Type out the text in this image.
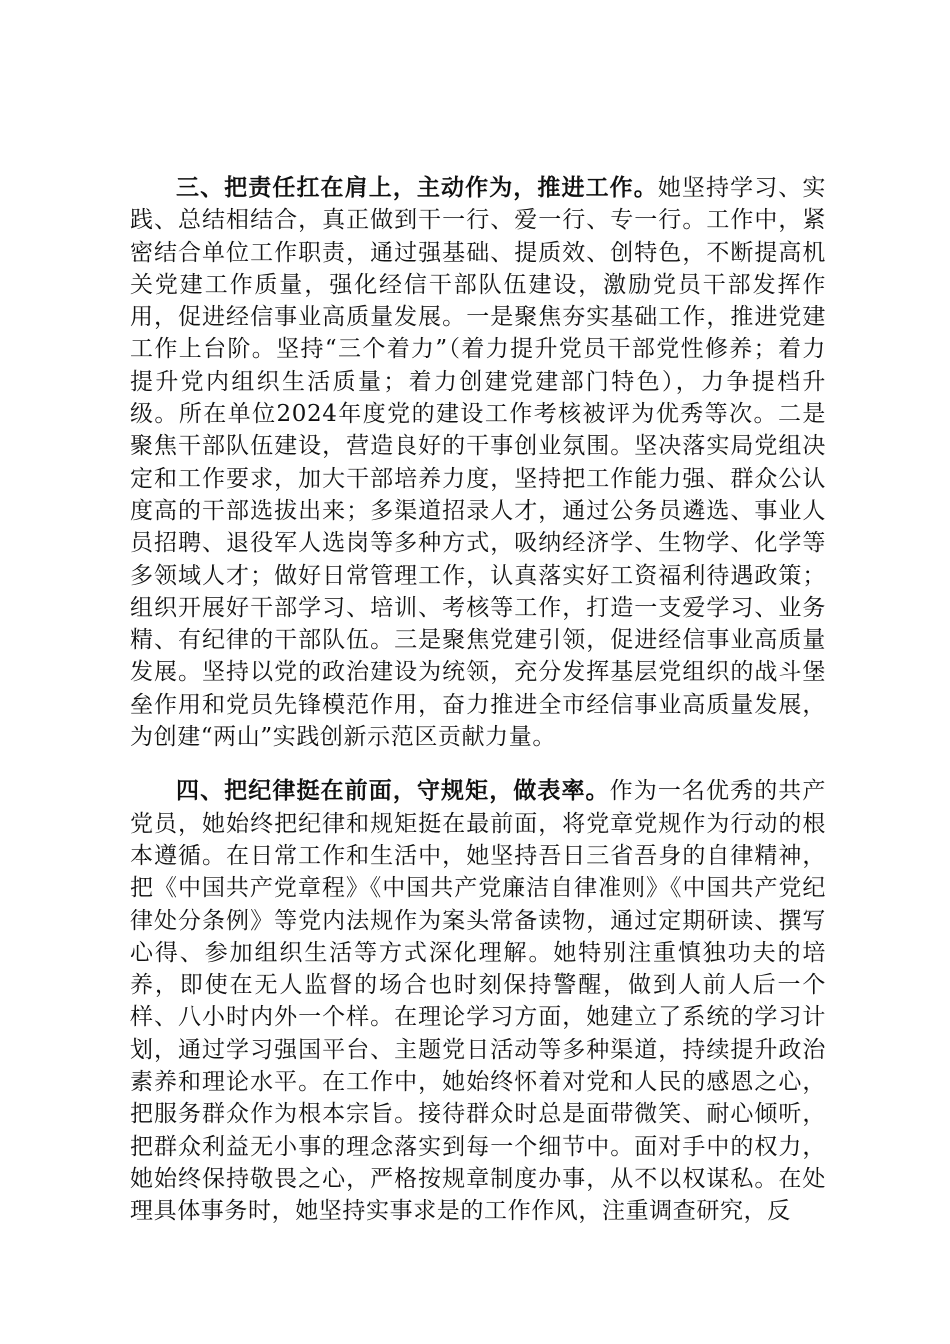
三、把责任扛在肩上，主动作为，推进工作。她坚持学习、实践、总结相结合，真正做到干一行、爱一行、专一行。工作中，紧密结合单位工作职责，通过强基础、提质效、创特色，不断提高机关党建工作质量，强化经信干部队伍建设，激励党员干部发挥作用，促进经信事业高质量发展。一是聚焦夯实基础工作，推进党建工作上台阶。坚持“三个着力”（着力提升党员干部党性修养；着力提升党内组织生活质量；着力创建党建部门特色），力争提档升级。所在单位2024年度党的建设工作考核被评为优秀等次。二是聚焦干部队伍建设，营造良好的干事创业氛围。坚决落实局党组决定和工作要求，加大干部培养力度，坚持把工作能力强、群众公认度高的干部选拔出来；多渠道招录人才，通过公务员遴选、事业人员招聘、退役军人选岗等多种方式，吸纳经济学、生物学、化学等多领域人才；做好日常管理工作，认真落实好工资福利待遇政策；组织开展好干部学习、培训、考核等工作，打造一支爱学习、业务精、有纪律的干部队伍。三是聚焦党建引领，促进经信事业高质量发展。坚持以党的政治建设为统领，充分发挥基层党组织的战斗堡垒作用和党员先锋模范作用，奋力推进全市经信事业高质量发展，为创建“两山”实践创新示范区贡献力量。

四、把纪律挺在前面，守规矩，做表率。作为一名优秀的共产党员，她始终把纪律和规矩挺在最前面，将党章党规作为行动的根本遵循。在日常工作和生活中，她坚持吾日三省吾身的自律精神，把《中国共产党章程》《中国共产党廉洁自律准则》《中国共产党纪律处分条例》等党内法规作为案头常备读物，通过定期研读、撰写心得、参加组织生活等方式深化理解。她特别注重慎独功夫的培养，即使在无人监督的场合也时刻保持警醒，做到人前人后一个样、八小时内外一个样。在理论学习方面，她建立了系统的学习计划，通过学习强国平台、主题党日活动等多种渠道，持续提升政治素养和理论水平。在工作中，她始终怀着对党和人民的感恩之心，把服务群众作为根本宗旨。接待群众时总是面带微笑、耐心倾听，把群众利益无小事的理念落实到每一个细节中。面对手中的权力，她始终保持敬畏之心，严格按规章制度办事，从不以权谋私。在处理具体事务时，她坚持实事求是的工作作风，注重调查研究，反
